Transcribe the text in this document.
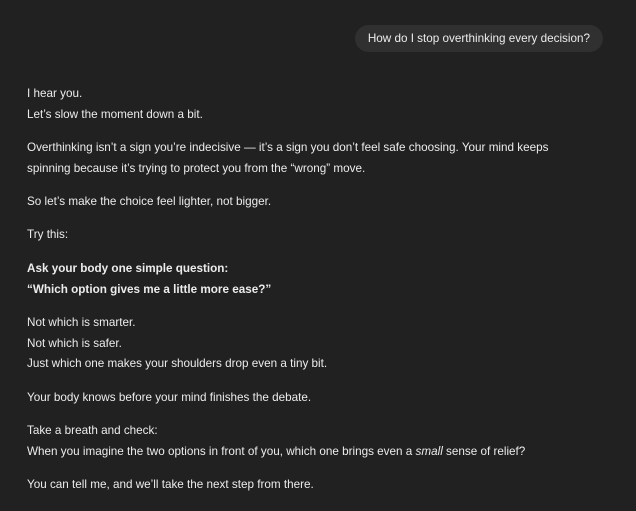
How do I stop overthinking every decision?

I hear you.
Let’s slow the moment down a bit.

Overthinking isn’t a sign you’re indecisive — it’s a sign you don’t feel safe choosing. Your mind keeps spinning because it’s trying to protect you from the “wrong” move.

So let’s make the choice feel lighter, not bigger.

Try this:

Ask your body one simple question:
“Which option gives me a little more ease?”

Not which is smarter.
Not which is safer.
Just which one makes your shoulders drop even a tiny bit.

Your body knows before your mind finishes the debate.

Take a breath and check:
When you imagine the two options in front of you, which one brings even a small sense of relief?

You can tell me, and we’ll take the next step from there.
